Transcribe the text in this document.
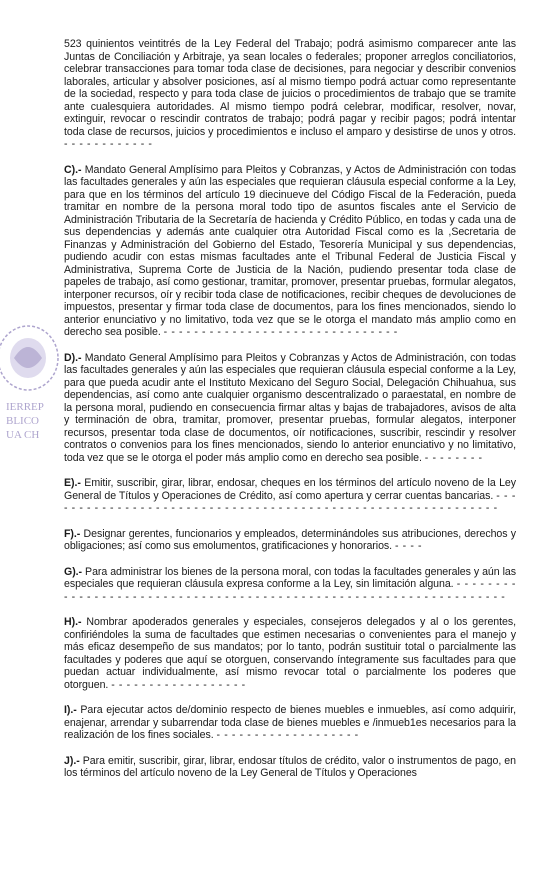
IERREP
BLICO
UA CH

523 quinientos veintitrés de la Ley Federal del Trabajo; podrá asimismo comparecer ante las Juntas de Conciliación y Arbitraje, ya sean locales o federales; proponer arreglos conciliatorios, celebrar transacciones para tomar toda clase de decisiones, para negociar y describir convenios laborales, articular y absolver posiciones, así al mismo tiempo podrá actuar como representante de la sociedad, respecto y para toda clase de juicios o procedimientos de trabajo que se tramite ante cualesquiera autoridades. Al mismo tiempo podrá celebrar, modificar, resolver, novar, extinguir, revocar o rescindir contratos de trabajo; podrá pagar y recibir pagos; podrá intentar toda clase de recursos, juicios y procedimientos e incluso el amparo y desistirse de unos y otros. - - - - - - - - - - - -

C).- Mandato General Amplísimo para Pleitos y Cobranzas, y Actos de Administración con todas las facultades generales y aún las especiales que requieran cláusula especial conforme a la Ley, para que en los términos del artículo 19 diecinueve del Código Fiscal de la Federación, pueda tramitar en nombre de la persona moral todo tipo de asuntos fiscales ante el Servicio de Administración Tributaria de la Secretaría de hacienda y Crédito Público, en todas y cada una de sus dependencias y además ante cualquier otra Autoridad Fiscal como es la ,Secretaria de Finanzas y Administración del Gobierno del Estado, Tesorería Municipal y sus dependencias, pudiendo acudir con estas mismas facultades ante el Tribunal Federal de Justicia Fiscal y Administrativa, Suprema Corte de Justicia de la Nación, pudiendo presentar toda clase de papeles de trabajo, así como gestionar, tramitar, promover, presentar pruebas, formular alegatos, interponer recursos, oír y recibir toda clase de notificaciones, recibir cheques de devoluciones de impuestos, presentar y firmar toda clase de documentos, para los fines mencionados, siendo lo anterior enunciativo y no limitativo, toda vez que se le otorga el mandato más amplio como en derecho sea posible. - - - - - - - - - - - - - - - - - - - - - - - - - - - - - - -

D).- Mandato General Amplísimo para Pleitos y Cobranzas y Actos de Administración, con todas las facultades generales y aún las especiales que requieran cláusula especial conforme a la Ley, para que pueda acudir ante el Instituto Mexicano del Seguro Social, Delegación Chihuahua, sus dependencias, así como ante cualquier organismo descentralizado o paraestatal, en nombre de la persona moral, pudiendo en consecuencia firmar altas y bajas de trabajadores, avisos de alta y terminación de obra, tramitar, promover, presentar pruebas, formular alegatos, interponer recursos, presentar toda clase de documentos, oír notificaciones, suscribir, rescindir y resolver contratos o convenios para los fines mencionados, siendo lo anterior enunciativo y no limitativo, toda vez que se le otorga el poder más amplio como en derecho sea posible. - - - - - - - -

E).- Emitir, suscribir, girar, librar, endosar, cheques en los términos del artículo noveno de la Ley General de Títulos y Operaciones de Crédito, así como apertura y cerrar cuentas bancarias. - - - - - - - - - - - - - - - - - - - - - - - - - - - - - - - - - - - - - - - - - - - - - - - - - - - - - - - - - - - -

F).- Designar gerentes, funcionarios y empleados, determinándoles sus atribuciones, derechos y obligaciones; así como sus emolumentos, gratificaciones y honorarios. - - - -

G).- Para administrar los bienes de la persona moral, con todas la facultades generales y aún las especiales que requieran cláusula expresa conforme a la Ley, sin limitación alguna. - - - - - - - - - - - - - - - - - - - - - - - - - - - - - - - - - - - - - - - - - - - - - - - - - - - - - - - - - - - - - - - - - -

H).- Nombrar apoderados generales y especiales, consejeros delegados y al o los gerentes, confiriéndoles la suma de facultades que estimen necesarias o convenientes para el manejo y más eficaz desempeño de sus mandatos; por lo tanto, podrán sustituir total o parcialmente las facultades y poderes que aquí se otorguen, conservando íntegramente sus facultades para que puedan actuar individualmente, así mismo revocar total o parcialmente los poderes que otorguen. - - - - - - - - - - - - - - - - - -

I).- Para ejecutar actos de/dominio respecto de bienes muebles e inmuebles, así como adquirir, enajenar, arrendar y subarrendar toda clase de bienes muebles e /inmueb1es necesarios para la realización de los fines sociales. - - - - - - - - - - - - - - - - - - -

J).- Para emitir, suscribir, girar, librar, endosar títulos de crédito, valor o instrumentos de pago, en los términos del artículo noveno de la Ley General de Títulos y Operaciones
